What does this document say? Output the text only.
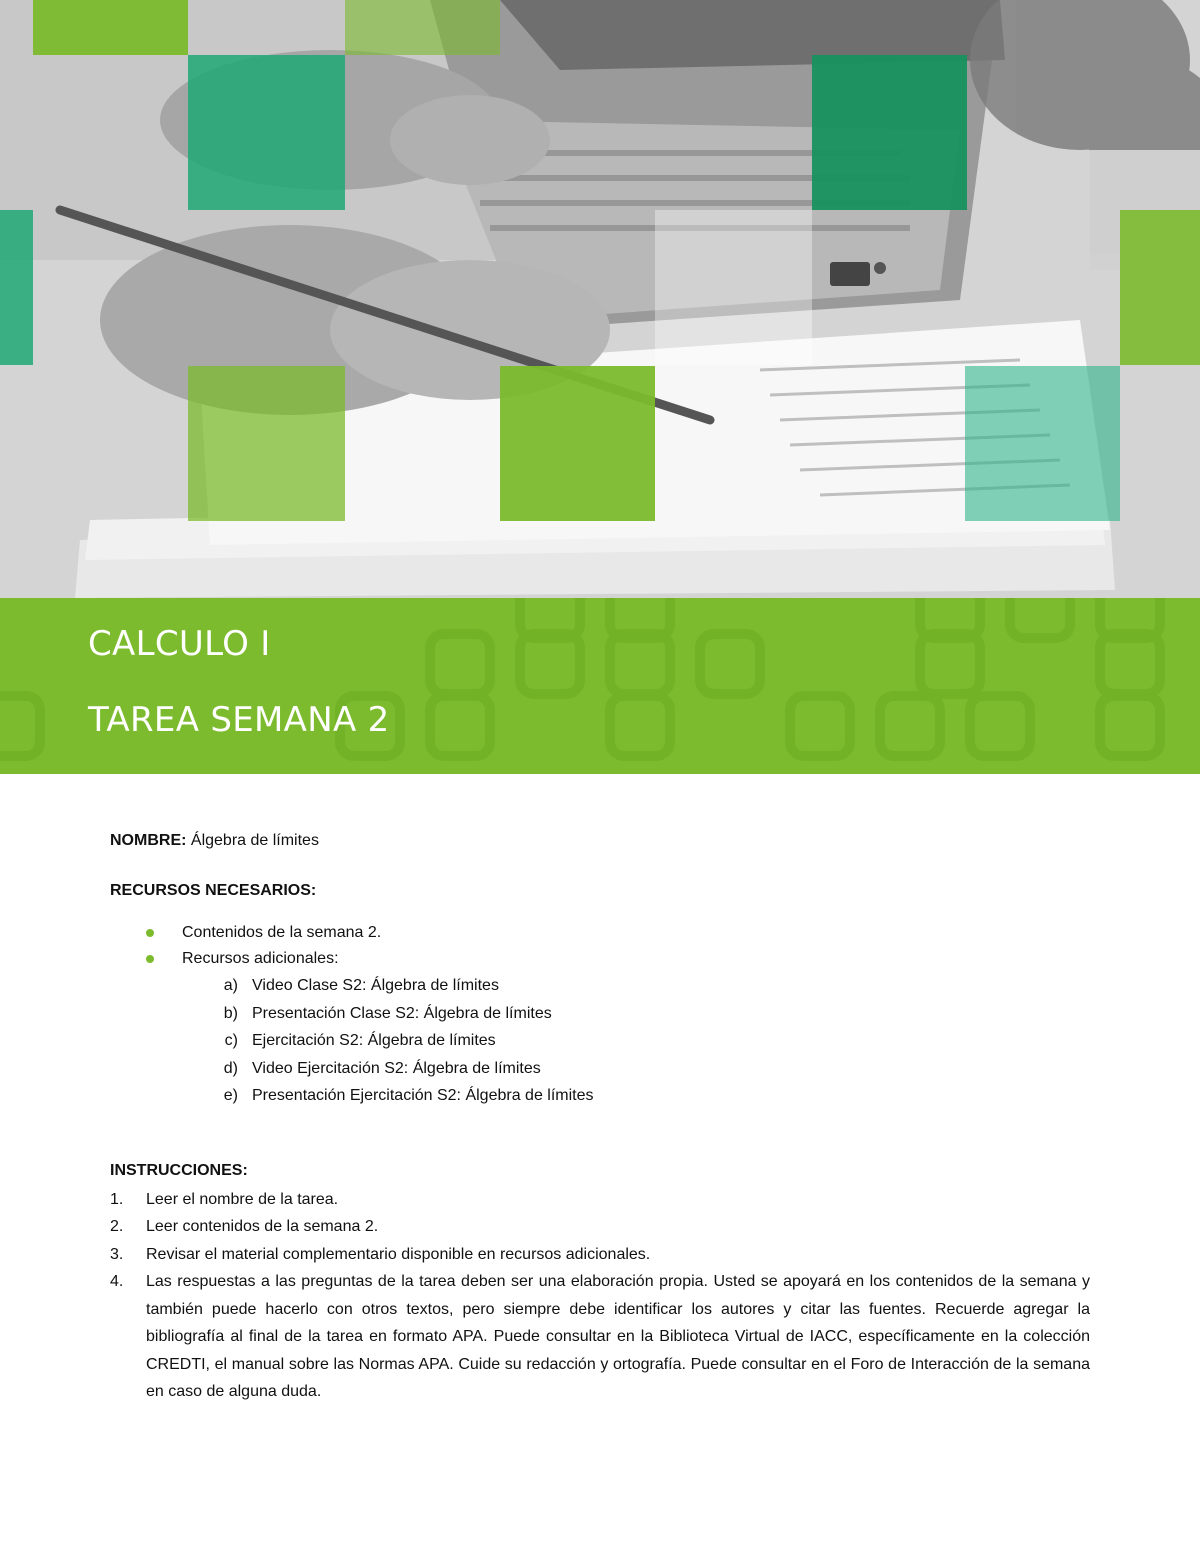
CALCULO I
TAREA SEMANA 2
NOMBRE: Álgebra de límites
RECURSOS NECESARIOS:
Contenidos de la semana 2.
Recursos adicionales:
a) Video Clase S2: Álgebra de límites
b) Presentación Clase S2: Álgebra de límites
c) Ejercitación S2: Álgebra de límites
d) Video Ejercitación S2: Álgebra de límites
e) Presentación Ejercitación S2: Álgebra de límites
INSTRUCCIONES:
1.	Leer el nombre de la tarea.
2.	Leer contenidos de la semana 2.
3.	Revisar el material complementario disponible en recursos adicionales.
4.	Las respuestas a las preguntas de la tarea deben ser una elaboración propia. Usted se apoyará en los contenidos de la semana y también puede hacerlo con otros textos, pero siempre debe identificar los autores y citar las fuentes. Recuerde agregar la bibliografía al final de la tarea en formato APA. Puede consultar en la Biblioteca Virtual de IACC, específicamente en la colección CREDTI, el manual sobre las Normas APA. Cuide su redacción y ortografía. Puede consultar en el Foro de Interacción de la semana en caso de alguna duda.
